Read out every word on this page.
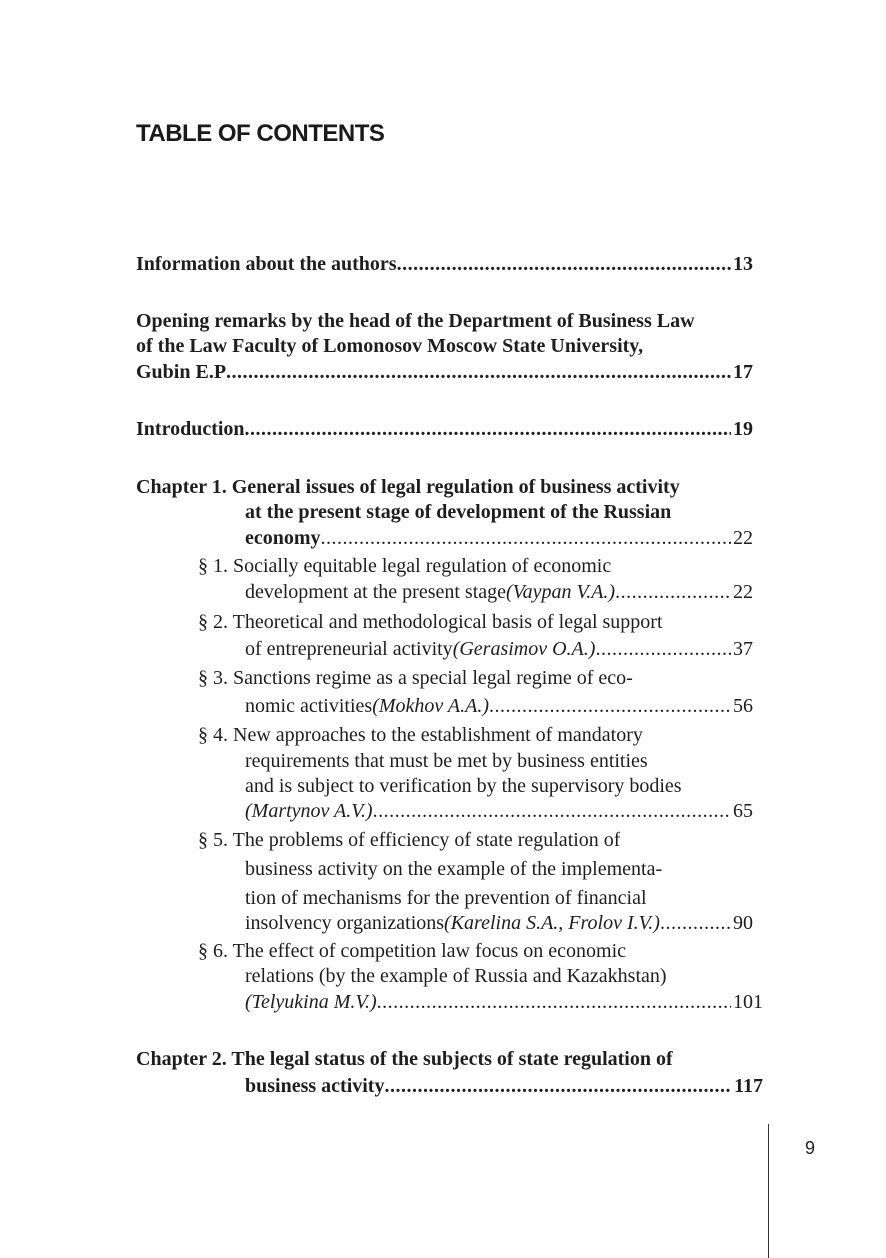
TABLE OF CONTENTS
Information about the authors .....	13
Opening remarks by the head of the Department of Business Law
of the Law Faculty of Lomonosov Moscow State University,
Gubin E.P .....	17
Introduction .....	19
Chapter 1. General issues of legal regulation of business activity
at the present stage of development of the Russian
economy .....	22
§ 1. Socially equitable legal regulation of economic
development at the present stage (Vaypan V.A.) .....	22
§ 2. Theoretical and methodological basis of legal support
of entrepreneurial activity (Gerasimov O.A.) .....	37
§ 3. Sanctions regime as a special legal regime of eco-
nomic activities (Mokhov A.A.) .....	56
§ 4. New approaches to the establishment of mandatory
requirements that must be met by business entities
and is subject to verification by the supervisory bodies
(Martynov A.V.) .....	65
§ 5. The problems of efficiency of state regulation of
business activity on the example of the implementa-
tion of mechanisms for the prevention of financial
insolvency organizations (Karelina S.A., Frolov I.V.) .....	90
§ 6. The effect of competition law focus on economic
relations (by the example of Russia and Kazakhstan)
(Telyukina M.V.) .....	101
Chapter 2. The legal status of the subjects of state regulation of
business activity .....	117
9
